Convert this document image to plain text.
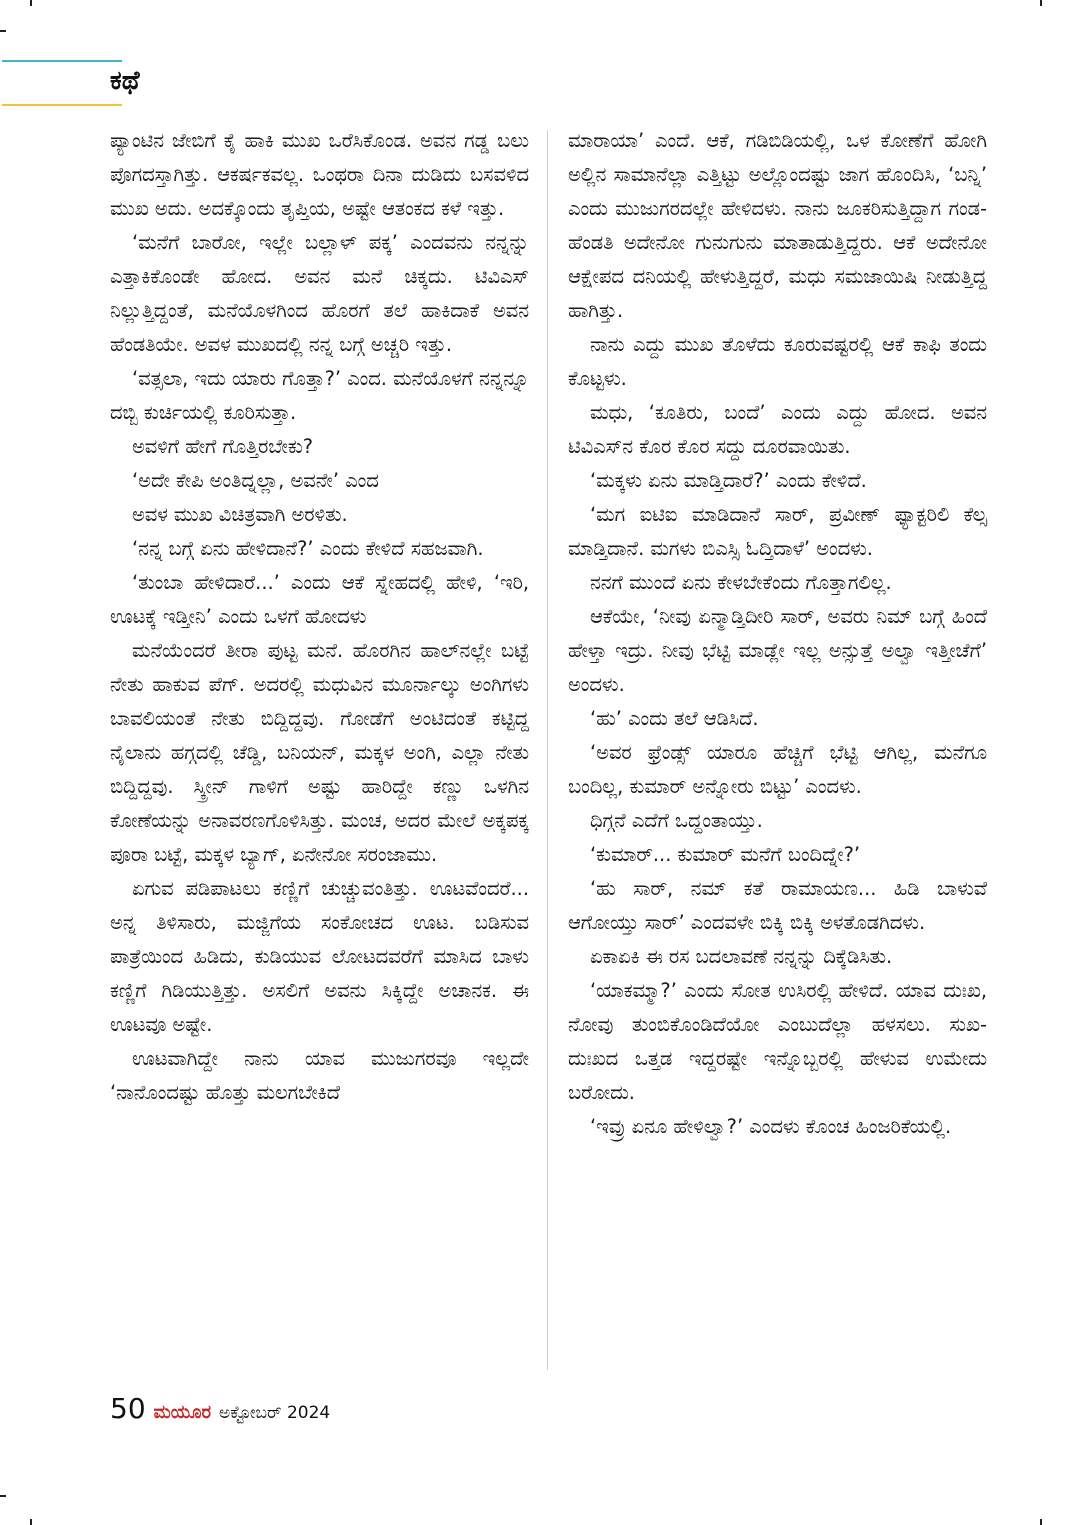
ಕಥೆ

ಪ್ಯಾಂಟಿನ ಜೇಬಿಗೆ ಕೈ ಹಾಕಿ ಮುಖ ಒರೆಸಿಕೊಂಡ. ಅವನ ಗಡ್ಡ ಬಲು ಪೊಗದಸ್ತಾಗಿತ್ತು. ಆಕರ್ಷಕವಲ್ಲ. ಒಂಥರಾ ದಿನಾ ದುಡಿದು ಬಸವಳಿದ ಮುಖ ಅದು. ಅದಕ್ಕೊಂದು ತೃಪ್ತಿಯ, ಅಷ್ಟೇ ಆತಂಕದ ಕಳೆ ಇತ್ತು.

‘ಮನೆಗೆ ಬಾರೋ, ಇಲ್ಲೇ ಬಲ್ಲಾಳ್ ಪಕ್ಕ’ ಎಂದವನು ನನ್ನನ್ನು ಎತ್ತಾಕಿಕೊಂಡೇ ಹೋದ. ಅವನ ಮನೆ ಚಿಕ್ಕದು. ಟಿವಿಎಸ್ ನಿಲ್ಲುತ್ತಿದ್ದಂತೆ, ಮನೆಯೊಳಗಿಂದ ಹೊರಗೆ ತಲೆ ಹಾಕಿದಾಕೆ ಅವನ ಹೆಂಡತಿಯೇ. ಅವಳ ಮುಖದಲ್ಲಿ ನನ್ನ ಬಗ್ಗೆ ಅಚ್ಚರಿ ಇತ್ತು.

‘ವತ್ಸಲಾ, ಇದು ಯಾರು ಗೊತ್ತಾ?’ ಎಂದ. ಮನೆಯೊಳಗೆ ನನ್ನನ್ನೂ ದಬ್ಬಿ ಕುರ್ಚಿಯಲ್ಲಿ ಕೂರಿಸುತ್ತಾ.

ಅವಳಿಗೆ ಹೇಗೆ ಗೊತ್ತಿರಬೇಕು?

‘ಅದೇ ಕೇಪಿ ಅಂತಿದ್ನಲ್ಲಾ, ಅವನೇ’ ಎಂದ

ಅವಳ ಮುಖ ವಿಚಿತ್ರವಾಗಿ ಅರಳಿತು.

‘ನನ್ನ ಬಗ್ಗೆ ಏನು ಹೇಳಿದಾನೆ?’ ಎಂದು ಕೇಳಿದೆ ಸಹಜವಾಗಿ.

‘ತುಂಬಾ ಹೇಳಿದಾರೆ...’ ಎಂದು ಆಕೆ ಸ್ನೇಹದಲ್ಲಿ ಹೇಳಿ, ‘ಇರಿ, ಊಟಕ್ಕೆ ಇಡ್ತೀನಿ’ ಎಂದು ಒಳಗೆ ಹೋದಳು

ಮನೆಯೆಂದರೆ ತೀರಾ ಪುಟ್ಟ ಮನೆ. ಹೊರಗಿನ ಹಾಲ್‌ನಲ್ಲೇ ಬಟ್ಟೆ ನೇತು ಹಾಕುವ ಪೆಗ್. ಅದರಲ್ಲಿ ಮಧುವಿನ ಮೂರ್ನಾಲ್ಕು ಅಂಗಿಗಳು ಬಾವಲಿಯಂತೆ ನೇತು ಬಿದ್ದಿದ್ದವು. ಗೋಡೆಗೆ ಅಂಟಿದಂತೆ ಕಟ್ಟಿದ್ದ ನೈಲಾನು ಹಗ್ಗದಲ್ಲಿ ಚೆಡ್ಡಿ, ಬನಿಯನ್, ಮಕ್ಕಳ ಅಂಗಿ, ಎಲ್ಲಾ ನೇತು ಬಿದ್ದಿದ್ದವು. ಸ್ಕ್ರೀನ್ ಗಾಳಿಗೆ ಅಷ್ಟು ಹಾರಿದ್ದೇ ಕಣ್ಣು ಒಳಗಿನ ಕೋಣೆಯನ್ನು ಅನಾವರಣಗೊಳಿಸಿತ್ತು. ಮಂಚ, ಅದರ ಮೇಲೆ ಅಕ್ಕಪಕ್ಕ ಪೂರಾ ಬಟ್ಟೆ, ಮಕ್ಕಳ ಬ್ಯಾಗ್, ಏನೇನೋ ಸರಂಜಾಮು.

ಏಗುವ ಪಡಿಪಾಟಲು ಕಣ್ಣಿಗೆ ಚುಚ್ಚುವಂತಿತ್ತು. ಊಟವೆಂದರೆ... ಅನ್ನ ತಿಳಿಸಾರು, ಮಜ್ಜಿಗೆಯ ಸಂಕೋಚದ ಊಟ. ಬಡಿಸುವ ಪಾತ್ರೆಯಿಂದ ಹಿಡಿದು, ಕುಡಿಯುವ ಲೋಟದವರೆಗೆ ಮಾಸಿದ ಬಾಳು ಕಣ್ಣಿಗೆ ಗಿಡಿಯುತ್ತಿತ್ತು. ಅಸಲಿಗೆ ಅವನು ಸಿಕ್ಕಿದ್ದೇ ಅಚಾನಕ. ಈ ಊಟವೂ ಅಷ್ಟೇ.

ಊಟವಾಗಿದ್ದೇ ನಾನು ಯಾವ ಮುಜುಗರವೂ ಇಲ್ಲದೇ ‘ನಾನೊಂದಷ್ಟು ಹೊತ್ತು ಮಲಗಬೇಕಿದೆ

ಮಾರಾಯಾ’ ಎಂದೆ. ಆಕೆ, ಗಡಿಬಿಡಿಯಲ್ಲಿ, ಒಳ ಕೋಣೆಗೆ ಹೋಗಿ ಅಲ್ಲಿನ ಸಾಮಾನೆಲ್ಲಾ ಎತ್ತಿಟ್ಟು ಅಲ್ಲೊಂದಷ್ಟು ಜಾಗ ಹೊಂದಿಸಿ, ‘ಬನ್ನಿ’ ಎಂದು ಮುಜುಗರದಲ್ಲೇ ಹೇಳಿದಳು. ನಾನು ಜೂಕರಿಸುತ್ತಿದ್ದಾಗ ಗಂಡ-ಹೆಂಡತಿ ಅದೇನೋ ಗುನುಗುನು ಮಾತಾಡುತ್ತಿದ್ದರು. ಆಕೆ ಅದೇನೋ ಆಕ್ಷೇಪದ ದನಿಯಲ್ಲಿ ಹೇಳುತ್ತಿದ್ದರೆ, ಮಧು ಸಮಜಾಯಿಷಿ ನೀಡುತ್ತಿದ್ದ ಹಾಗಿತ್ತು.

ನಾನು ಎದ್ದು ಮುಖ ತೊಳೆದು ಕೂರುವಷ್ಟರಲ್ಲಿ ಆಕೆ ಕಾಫಿ ತಂದು ಕೊಟ್ಟಳು.

ಮಧು, ‘ಕೂತಿರು, ಬಂದೆ’ ಎಂದು ಎದ್ದು ಹೋದ. ಅವನ ಟಿವಿಎಸ್‌ನ ಕೊರ ಕೊರ ಸದ್ದು ದೂರವಾಯಿತು.

‘ಮಕ್ಕಳು ಏನು ಮಾಡ್ತಿದಾರೆ?’ ಎಂದು ಕೇಳಿದೆ.

‘ಮಗ ಐಟಿಐ ಮಾಡಿದಾನೆ ಸಾರ್, ಪ್ರವೀಣ್ ಫ್ಯಾಕ್ಟರಿಲಿ ಕೆಲ್ಸ ಮಾಡ್ತಿದಾನೆ. ಮಗಳು ಬಿಎಸ್ಸಿ ಓದ್ತಿದಾಳೆ’ ಅಂದಳು.

ನನಗೆ ಮುಂದೆ ಏನು ಕೇಳಬೇಕೆಂದು ಗೊತ್ತಾಗಲಿಲ್ಲ.

ಆಕೆಯೇ, ‘ನೀವು ಏನ್ಮಾಡ್ತಿದೀರಿ ಸಾರ್, ಅವರು ನಿಮ್ ಬಗ್ಗೆ ಹಿಂದೆ ಹೇಳ್ತಾ ಇದ್ರು. ನೀವು ಭೆಟ್ಟಿ ಮಾಡ್ಲೇ ಇಲ್ಲ ಅನ್ಸುತ್ತೆ ಅಲ್ವಾ ಇತ್ತೀಚೆಗೆ’ ಅಂದಳು.

‘ಹು’ ಎಂದು ತಲೆ ಆಡಿಸಿದೆ.

‘ಅವರ ಫ್ರೆಂಡ್ಸ್ ಯಾರೂ ಹೆಚ್ಚಿಗೆ ಭೆಟ್ಟಿ ಆಗಿಲ್ಲ, ಮನೆಗೂ ಬಂದಿಲ್ಲ, ಕುಮಾರ್ ಅನ್ನೋರು ಬಿಟ್ಟು’ ಎಂದಳು.

ಧಿಗ್ಗನೆ ಎದೆಗೆ ಒದ್ದಂತಾಯ್ತು.

‘ಕುಮಾರ್... ಕುಮಾರ್ ಮನೆಗೆ ಬಂದಿದ್ನೇ?’

‘ಹು ಸಾರ್, ನಮ್ ಕತೆ ರಾಮಾಯಣ... ಹಿಡಿ ಬಾಳುವೆ ಆಗೋಯ್ತು ಸಾರ್’ ಎಂದವಳೇ ಬಿಕ್ಕಿ ಬಿಕ್ಕಿ ಅಳತೊಡಗಿದಳು.

ಏಕಾಏಕಿ ಈ ರಸ ಬದಲಾವಣೆ ನನ್ನನ್ನು ದಿಕ್ಕೆಡಿಸಿತು.

‘ಯಾಕಮ್ಮಾ?’ ಎಂದು ಸೋತ ಉಸಿರಲ್ಲಿ ಹೇಳಿದೆ. ಯಾವ ದುಃಖ, ನೋವು ತುಂಬಿಕೊಂಡಿದೆಯೋ ಎಂಬುದೆಲ್ಲಾ ಹಳಸಲು. ಸುಖ-ದುಃಖದ ಒತ್ತಡ ಇದ್ದರಷ್ಟೇ ಇನ್ನೊಬ್ಬರಲ್ಲಿ ಹೇಳುವ ಉಮೇದು ಬರೋದು.

‘ಇವ್ರು ಏನೂ ಹೇಳಿಲ್ವಾ?’ ಎಂದಳು ಕೊಂಚ ಹಿಂಜರಿಕೆಯಲ್ಲಿ.

50 ಮಯೂರ ಅಕ್ಟೋಬರ್ 2024
